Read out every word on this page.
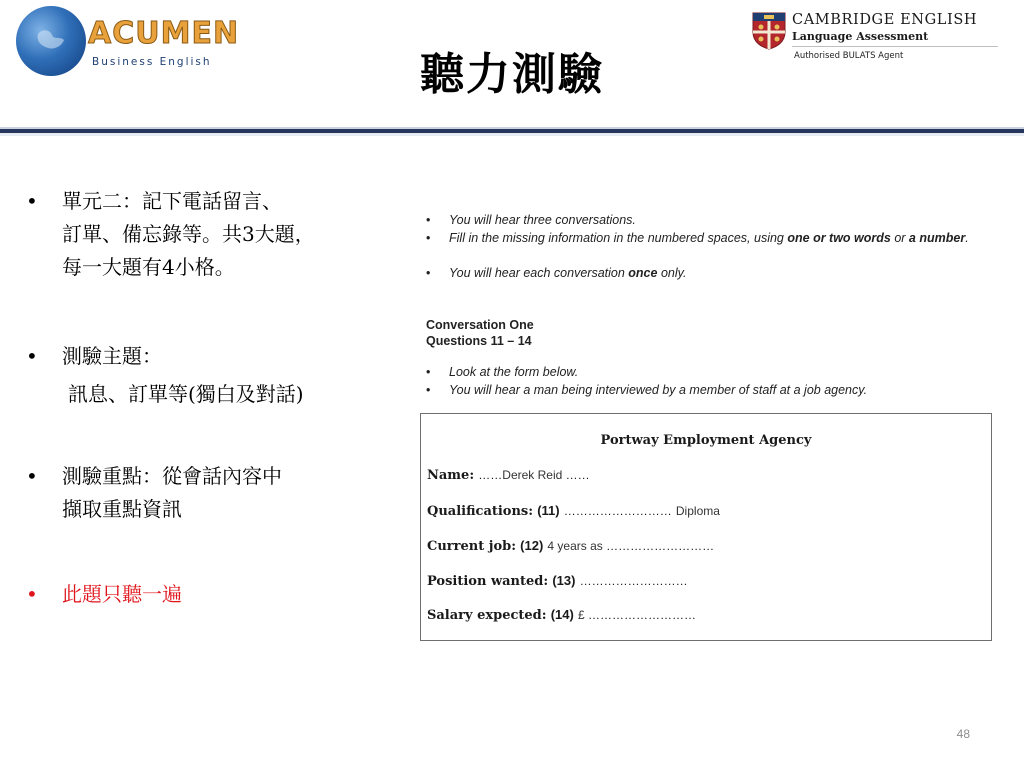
ACUMEN
Business English	聽力測驗
CAMBRIDGE ENGLISH
Language Assessment
Authorised BULATS Agent
• 單元二：記下電話留言、
訂單、備忘錄等。共3大題，
每一大題有4小格。
• 測驗主題：
訊息、訂單等(獨白及對話)
• 測驗重點：從會話內容中
擷取重點資訊
• 此題只聽一遍
• You will hear three conversations.
• Fill in the missing information in the numbered spaces, using one or two words or a number.
• You will hear each conversation once only.
Conversation One
Questions 11 – 14
• Look at the form below.
• You will hear a man being interviewed by a member of staff at a job agency.
Portway Employment Agency
Name: ……Derek Reid ……
Qualifications: (11) ……………………… Diploma
Current job: (12) 4 years as ………………………
Position wanted: (13) ………………………
Salary expected: (14) £ ………………………
48
